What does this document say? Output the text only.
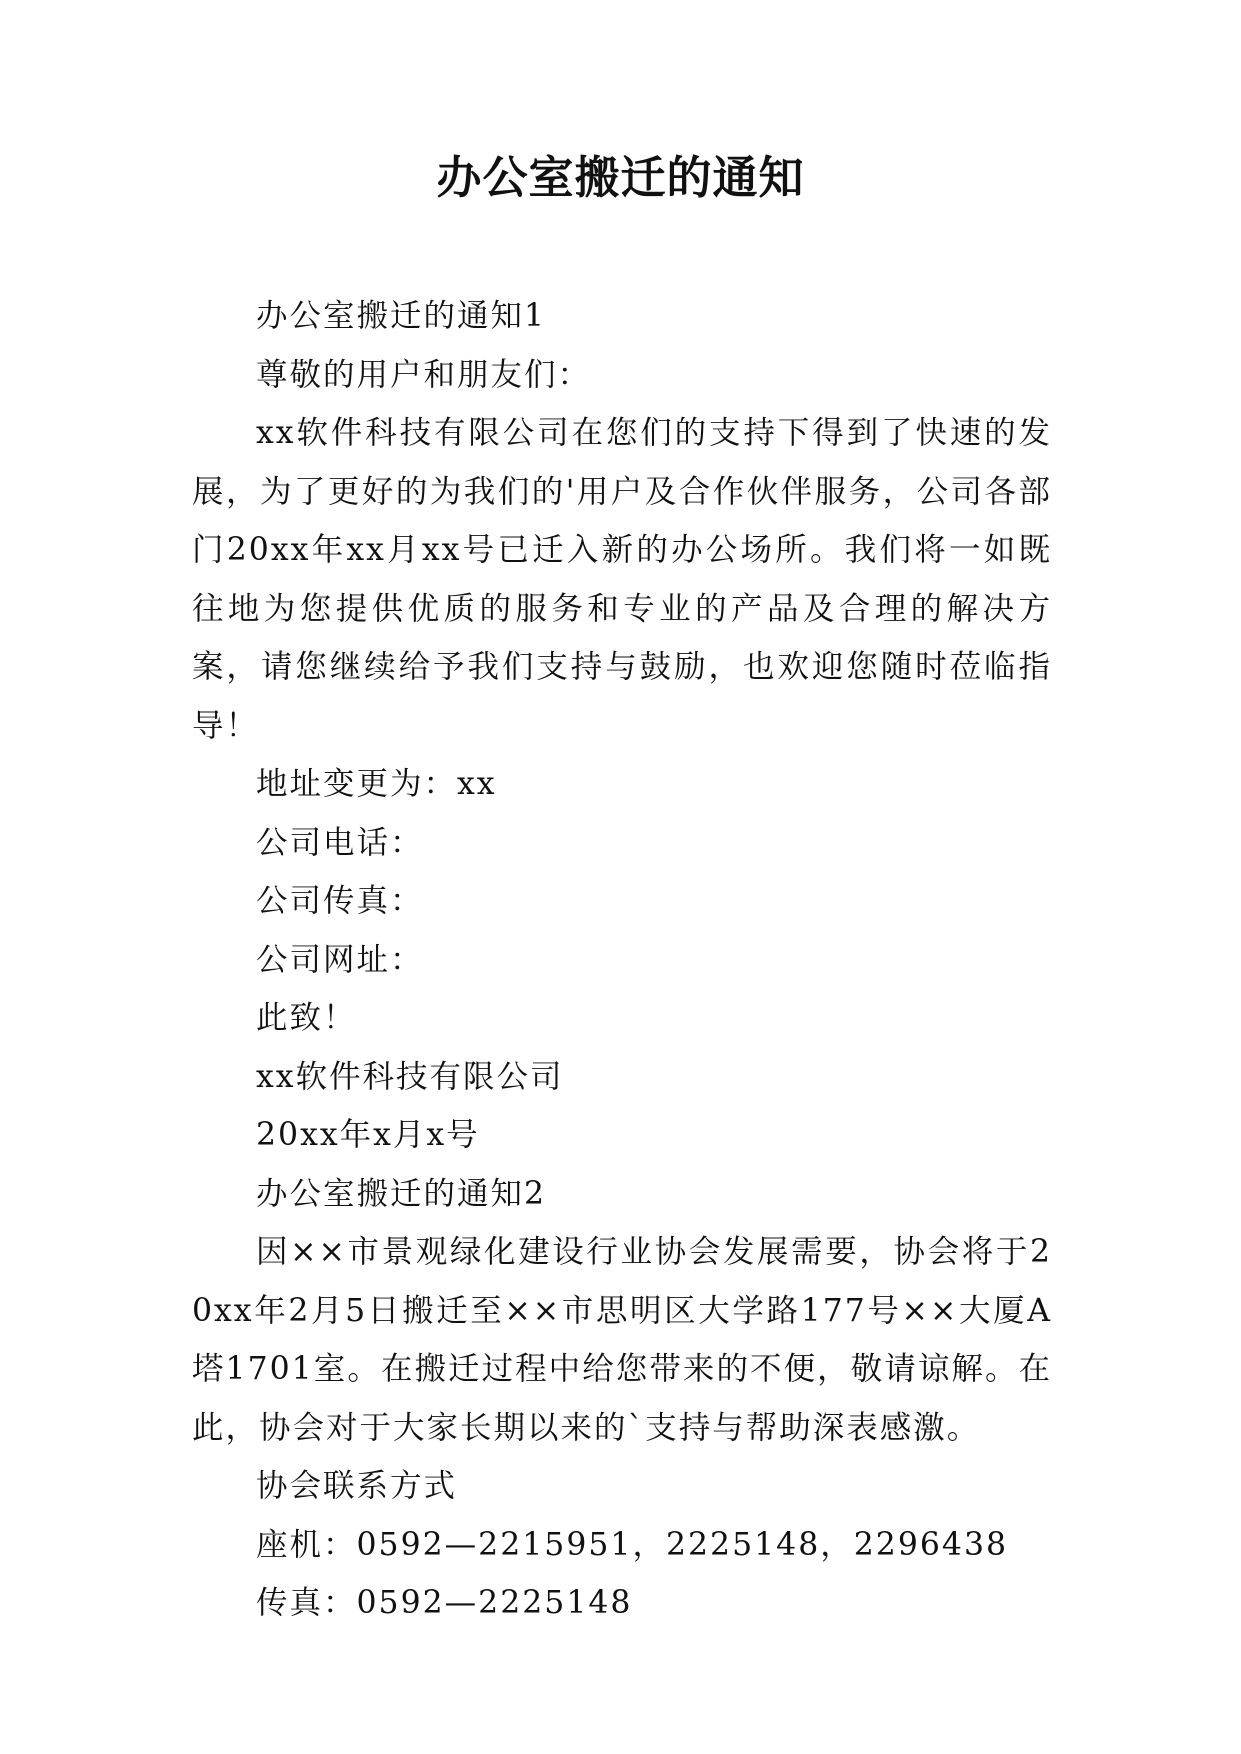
办公室搬迁的通知

办公室搬迁的通知1

尊敬的用户和朋友们：

xx软件科技有限公司在您们的支持下得到了快速的发展，为了更好的为我们的'用户及合作伙伴服务，公司各部门20xx年xx月xx号已迁入新的办公场所。我们将一如既往地为您提供优质的服务和专业的产品及合理的解决方案，请您继续给予我们支持与鼓励，也欢迎您随时莅临指导！

地址变更为：xx

公司电话：

公司传真：

公司网址：

此致！

xx软件科技有限公司

20xx年x月x号

办公室搬迁的通知2

因××市景观绿化建设行业协会发展需要，协会将于20xx年2月5日搬迁至××市思明区大学路177号××大厦A塔1701室。在搬迁过程中给您带来的不便，敬请谅解。在此，协会对于大家长期以来的`支持与帮助深表感激。

协会联系方式

座机：0592—2215951，2225148，2296438

传真：0592—2225148
